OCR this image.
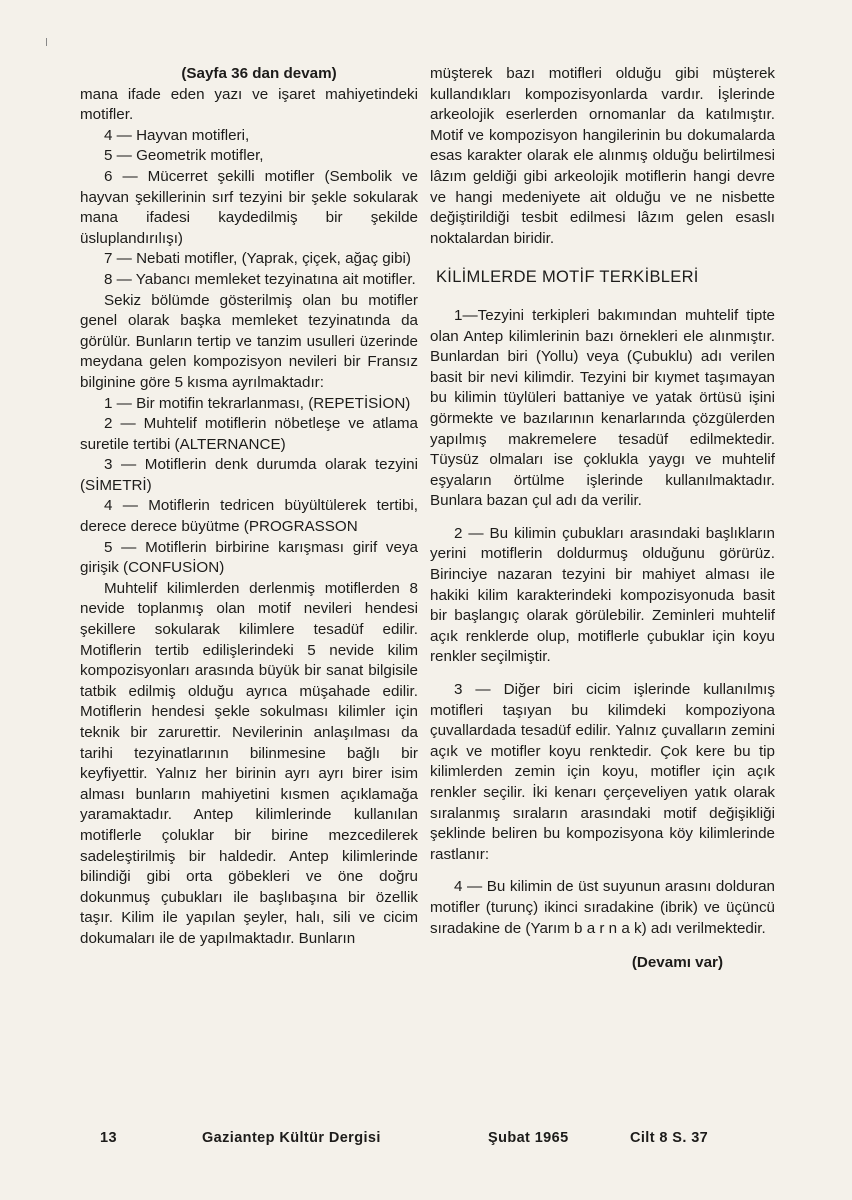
(Sayfa 36 dan devam)

mana ifade eden yazı ve işaret mahiyetindeki motifler.

4 — Hayvan motifleri,

5 — Geometrik motifler,

6 — Mücerret şekilli motifler (Sembolik ve hayvan şekillerinin sırf tezyini bir şekle sokularak mana ifadesi kaydedilmiş bir şekilde üsluplandırılışı)

7 — Nebati motifler, (Yaprak, çiçek, ağaç gibi)

8 — Yabancı memleket tezyinatına ait motifler.

Sekiz bölümde gösterilmiş olan bu motifler genel olarak başka memleket tezyinatında da görülür. Bunların tertip ve tanzim usulleri üzerinde meydana gelen kompozisyon nevileri bir Fransız bilginine göre 5 kısma ayrılmaktadır:

1 — Bir motifin tekrarlanması, (REPETİSİON)

2 — Muhtelif motiflerin nöbetleşe ve atlama suretile tertibi (ALTERNANCE)

3 — Motiflerin denk durumda olarak tezyini (SİMETRİ)

4 — Motiflerin tedricen büyültülerek tertibi, derece derece büyütme (PROGRASSON

5 — Motiflerin birbirine karışması girif veya girişik (CONFUSİON)

Muhtelif kilimlerden derlenmiş motiflerden 8 nevide toplanmış olan motif nevileri hendesi şekillere sokularak kilimlere tesadüf edilir. Motiflerin tertib edilişlerindeki 5 nevide kilim kompozisyonları arasında büyük bir sanat bilgisile tatbik edilmiş olduğu ayrıca müşahade edilir. Motiflerin hendesi şekle sokulması kilimler için teknik bir zarurettir. Nevilerinin anlaşılması da tarihi tezyinatlarının bilinmesine bağlı bir keyfiyettir. Yalnız her birinin ayrı ayrı birer isim alması bunların mahiyetini kısmen açıklamağa yaramaktadır. Antep kilimlerinde kullanılan motiflerle çoluklar bir birine mezcedilerek sadeleştirilmiş bir haldedir. Antep kilimlerinde bilindiği gibi orta göbekleri ve öne doğru dokunmuş çubukları ile başlıbaşına bir özellik taşır. Kilim ile yapılan şeyler, halı, sili ve cicim dokumaları ile de yapılmaktadır. Bunların

müşterek bazı motifleri olduğu gibi müşterek kullandıkları kompozisyonlarda vardır. İşlerinde arkeolojik eserlerden ornomanlar da katılmıştır. Motif ve kompozisyon hangilerinin bu dokumalarda esas karakter olarak ele alınmış olduğu belirtilmesi lâzım geldiği gibi arkeolojik motiflerin hangi devre ve hangi medeniyete ait olduğu ve ne nisbette değiştirildiği tesbit edilmesi lâzım gelen esaslı noktalardan biridir.

KİLİMLERDE MOTİF TERKİBLERİ

1—Tezyini terkipleri bakımından muhtelif tipte olan Antep kilimlerinin bazı örnekleri ele alınmıştır. Bunlardan biri (Yollu) veya (Çubuklu) adı verilen basit bir nevi kilimdir. Tezyini bir kıymet taşımayan bu kilimin tüylüleri battaniye ve yatak örtüsü işini görmekte ve bazılarının kenarlarında çözgülerden yapılmış makremelere tesadüf edilmektedir. Tüysüz olmaları ise çoklukla yaygı ve muhtelif eşyaların örtülme işlerinde kullanılmaktadır. Bunlara bazan çul adı da verilir.

2 — Bu kilimin çubukları arasındaki başlıkların yerini motiflerin doldurmuş olduğunu görürüz. Birinciye nazaran tezyini bir mahiyet alması ile hakiki kilim karakterindeki kompozisyonuda basit bir başlangıç olarak görülebilir. Zeminleri muhtelif açık renklerde olup, motiflerle çubuklar için koyu renkler seçilmiştir.

3 — Diğer biri cicim işlerinde kullanılmış motifleri taşıyan bu kilimdeki kompoziyona çuvallardada tesadüf edilir. Yalnız çuvalların zemini açık ve motifler koyu renktedir. Çok kere bu tip kilimlerden zemin için koyu, motifler için açık renkler seçilir. İki kenarı çerçeveliyen yatık olarak sıralanmış sıraların arasındaki motif değişikliği şeklinde beliren bu kompozisyona köy kilimlerinde rastlanır:

4 — Bu kilimin de üst suyunun arasını dolduran motifler (turunç) ikinci sıradakine (ibrik) ve üçüncü sıradakine de (Yarım b a r n a k) adı verilmektedir.

(Devamı var)

13	Gaziantep Kültür Dergisi	Şubat 1965	Cilt 8 S. 37
